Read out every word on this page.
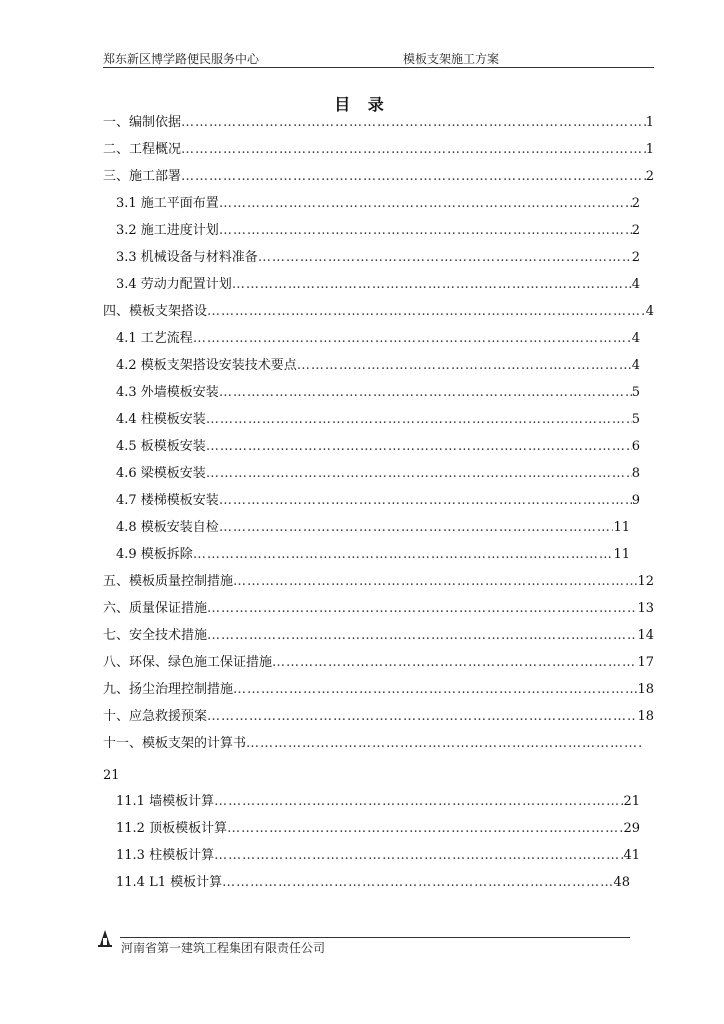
郑东新区博学路便民服务中心	模板支架施工方案
目 录
一、编制依据 …………………………………………………………………………………………………………………………………………………………………………	1
二、工程概况 …………………………………………………………………………………………………………………………………………………………………………	1
三、施工部署 …………………………………………………………………………………………………………………………………………………………………………	2
3.1 施工平面布置 …………………………………………………………………………………………………………………………………………………………………………	2
3.2 施工进度计划 …………………………………………………………………………………………………………………………………………………………………………	2
3.3 机械设备与材料准备 …………………………………………………………………………………………………………………………………………………………………………	2
3.4 劳动力配置计划 …………………………………………………………………………………………………………………………………………………………………………	4
四、模板支架搭设 …………………………………………………………………………………………………………………………………………………………………………	4
4.1 工艺流程 …………………………………………………………………………………………………………………………………………………………………………	4
4.2 模板支架搭设安装技术要点 …………………………………………………………………………………………………………………………………………………………………………	4
4.3 外墙模板安装 …………………………………………………………………………………………………………………………………………………………………………	5
4.4 柱模板安装 …………………………………………………………………………………………………………………………………………………………………………	5
4.5 板模板安装 …………………………………………………………………………………………………………………………………………………………………………	6
4.6 梁模板安装 …………………………………………………………………………………………………………………………………………………………………………	8
4.7 楼梯模板安装 …………………………………………………………………………………………………………………………………………………………………………	9
4.8 模板安装自检 …………………………………………………………………………………………………………………………………………………………………………	11
4.9 模板拆除 …………………………………………………………………………………………………………………………………………………………………………	11
五、模板质量控制措施 …………………………………………………………………………………………………………………………………………………………………………	12
六、质量保证措施 …………………………………………………………………………………………………………………………………………………………………………	13
七、安全技术措施 …………………………………………………………………………………………………………………………………………………………………………	14
八、环保、绿色施工保证措施 …………………………………………………………………………………………………………………………………………………………………………	17
九、扬尘治理控制措施 …………………………………………………………………………………………………………………………………………………………………………	18
十、应急救援预案 …………………………………………………………………………………………………………………………………………………………………………	18
十一、模板支架的计算书
…………………………………………………………………………………………………………………………………………………………………………
21
11.1 墙模板计算 …………………………………………………………………………………………………………………………………………………………………………	21
11.2 顶板模板计算 …………………………………………………………………………………………………………………………………………………………………………	29
11.3 柱模板计算 …………………………………………………………………………………………………………………………………………………………………………	41
11.4 L1 模板计算 …………………………………………………………………………………………………………………………………………………………………………	48
河南省第一建筑工程集团有限责任公司
